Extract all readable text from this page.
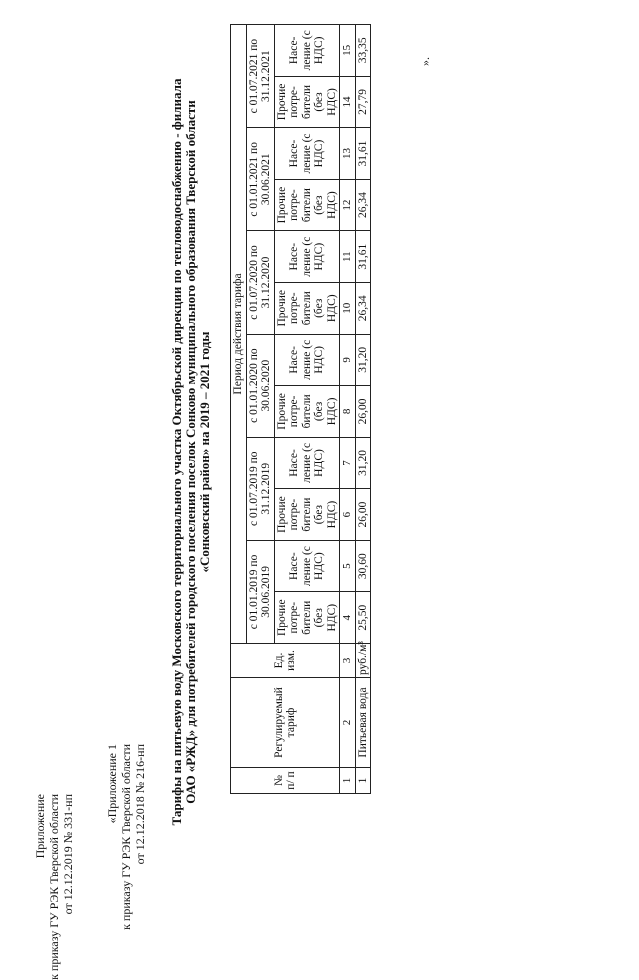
Приложение к приказу ГУ РЭК Тверской области от 12.12.2019 № 331-нп
«Приложение 1 к приказу ГУ РЭК Тверской области от 12.12.2018 № 216-нп Тарифы на питьевую воду Московского территориального участка Октябрьской дирекции по тепловодоснабжению - филиала ОАО «РЖД» для потребителей городского поселения поселок Сонково муниципального образования Тверской области «Сонковский район» на 2019 – 2021 годы
№ п/ п	Регулируемый тариф	Ед. изм.	Период действия тарифа											
			с 01.01.2019 по 30.06.2019		с 01.07.2019 по 31.12.2019		с 01.01.2020 по 30.06.2020		с 01.07.2020 по 31.12.2020		с 01.01.2021 по 30.06.2021		с 01.07.2021 по 31.12.2021	
			Прочие потре- бители (без НДС)	Насе- ление (с НДС)	Прочие потре- бители (без НДС)	Насе- ление (с НДС)	Прочие потре- бители (без НДС)	Насе- ление (с НДС)	Прочие потре- бители (без НДС)	Насе- ление (с НДС)	Прочие потре- бители (без НДС)	Насе- ление (с НДС)	Прочие потре- бители (без НДС)	Насе- ление (с НДС)
1	2	3	4	5	6	7	8	9	10	11	12	13	14	15
1	Питьевая вода	руб./м³	25,50	30,60	26,00	31,20	26,00	31,20	26,34	31,61	26,34	31,61	27,79	33,35	».
